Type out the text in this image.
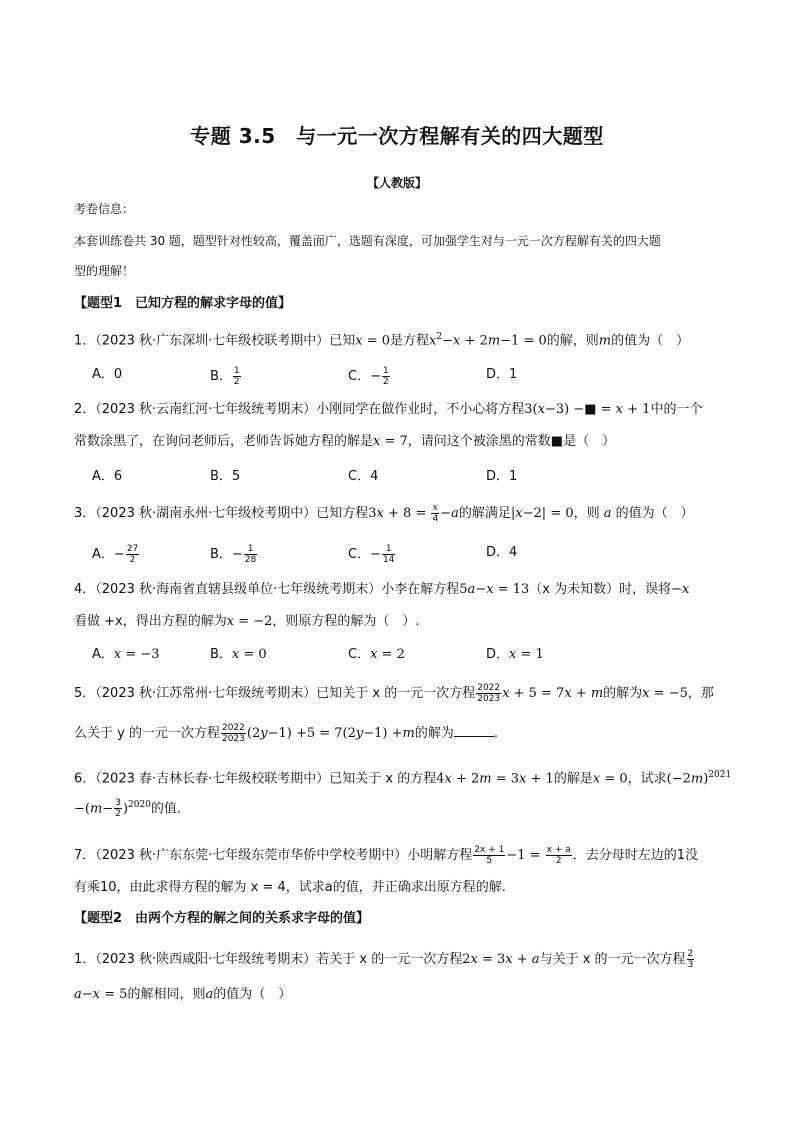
专题 3.5　与一元一次方程解有关的四大题型
【人教版】
考卷信息：
本套训练卷共 30 题，题型针对性较高，覆盖面广，选题有深度，可加强学生对与一元一次方程解有关的四大题
型的理解！
【题型1　已知方程的解求字母的值】
1．（2023 秋·广东深圳·七年级校联考期中）已知x = 0是方程$x^2-x + 2m-1 = 0$的解，则m的值为（　）
A．0	B． $\frac{1}{2}$	C．− $\frac{1}{2}$	D．1
2．（2023 秋·云南红河·七年级统考期末）小刚同学在做作业时，不小心将方程3(x−3) −■ = x + 1中的一个
常数涂黑了，在询问老师后，老师告诉她方程的解是x = 7，请问这个被涂黑的常数■是（　）
A．6	B．5	C．4	D．1
3．（2023 秋·湖南永州·七年级校考期中）已知方程$3x + 8 = \frac{x}{4} -a$的解满足|x−2| = 0，则 a 的值为（　）
A．− $\frac{27}{2}$	B．− $\frac{1}{28}$	C．− $\frac{1}{14}$	D．4
4．（2023 秋·海南省直辖县级单位·七年级统考期末）小李在解方程5a−x = 13（x 为未知数）时，误将−x
看做 +x，得出方程的解为x = −2，则原方程的解为（　）.
A．x = −3	B．x = 0	C．x = 2	D．x = 1
5．（2023 秋·江苏常州·七年级统考期末）已知关于 x 的一元一次方程 $\frac{2022}{2023}$ x + 5 = 7x + m的解为x = −5，那
么关于 y 的一元一次方程 $\frac{2022}{2023} (2y-1) +5 = 7(2y-1) +m$的解为	.
6．（2023 春·吉林长春·七年级校联考期中）已知关于 x 的方程4x + 2m = 3x + 1的解是x = 0，试求$(-2m)^{2021}$
$-(m- \frac{3}{2} )^{2020}$的值.
7．（2023 秋·广东东莞·七年级东莞市华侨中学校考期中）小明解方程 $\frac{2x + 1}{5} -1 = \frac{x + a}{2}$ ．去分母时左边的1没
有乘10，由此求得方程的解为 x = 4，试求a的值，并正确求出原方程的解.
【题型2　由两个方程的解之间的关系求字母的值】
1．（2023 秋·陕西咸阳·七年级统考期末）若关于 x 的一元一次方程2x = 3x + a与关于 x 的一元一次方程 $\frac{2}{3}$
a−x = 5的解相同，则a的值为（　）
